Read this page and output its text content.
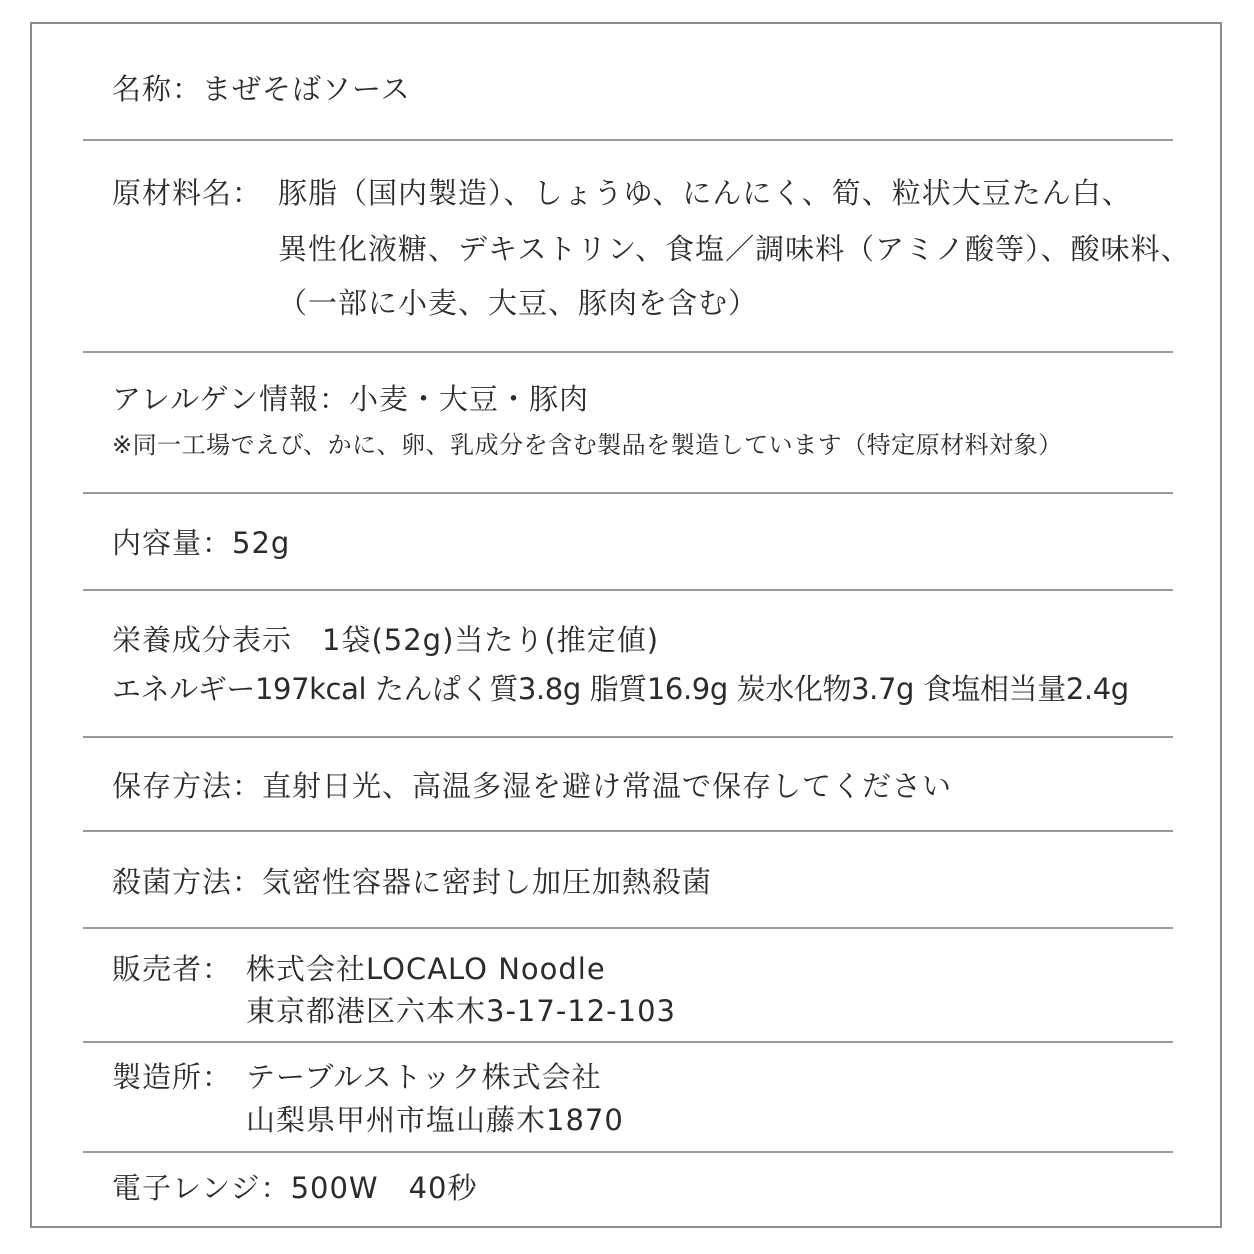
名称：まぜそばソース
原材料名： 豚脂（国内製造）、しょうゆ、にんにく、筍、粒状大豆たん白、
異性化液糖、デキストリン、食塩／調味料（アミノ酸等）、酸味料、
（一部に小麦、大豆、豚肉を含む）
アレルゲン情報：小麦・大豆・豚肉
※同一工場でえび、かに、卵、乳成分を含む製品を製造しています（特定原材料対象）
内容量：52g
栄養成分表示　1袋(52g)当たり(推定値)
エネルギー197kcal たんぱく質3.8g 脂質16.9g 炭水化物3.7g 食塩相当量2.4g
保存方法：直射日光、高温多湿を避け常温で保存してください
殺菌方法：気密性容器に密封し加圧加熱殺菌
販売者： 株式会社LOCALO Noodle
東京都港区六本木3-17-12-103
製造所： テーブルストック株式会社
山梨県甲州市塩山藤木1870
電子レンジ：500W　40秒
